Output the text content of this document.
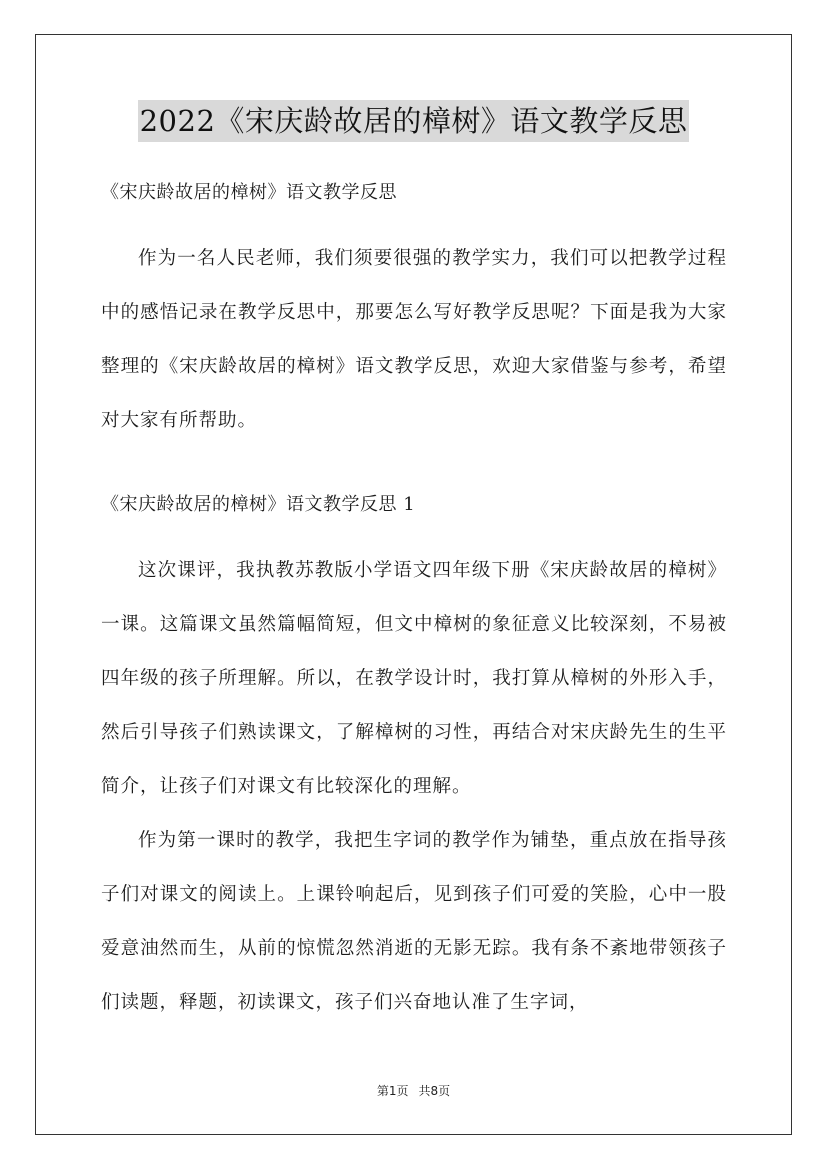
2022《宋庆龄故居的樟树》语文教学反思

《宋庆龄故居的樟树》语文教学反思

作为一名人民老师，我们须要很强的教学实力，我们可以把教学过程中的感悟记录在教学反思中，那要怎么写好教学反思呢？下面是我为大家整理的《宋庆龄故居的樟树》语文教学反思，欢迎大家借鉴与参考，希望对大家有所帮助。

《宋庆龄故居的樟树》语文教学反思 1

这次课评，我执教苏教版小学语文四年级下册《宋庆龄故居的樟树》一课。这篇课文虽然篇幅简短，但文中樟树的象征意义比较深刻，不易被四年级的孩子所理解。所以，在教学设计时，我打算从樟树的外形入手，然后引导孩子们熟读课文，了解樟树的习性，再结合对宋庆龄先生的生平简介，让孩子们对课文有比较深化的理解。

作为第一课时的教学，我把生字词的教学作为铺垫，重点放在指导孩子们对课文的阅读上。上课铃响起后，见到孩子们可爱的笑脸，心中一股爱意油然而生，从前的惊慌忽然消逝的无影无踪。我有条不紊地带领孩子们读题，释题，初读课文，孩子们兴奋地认准了生字词，

第1页 共8页
